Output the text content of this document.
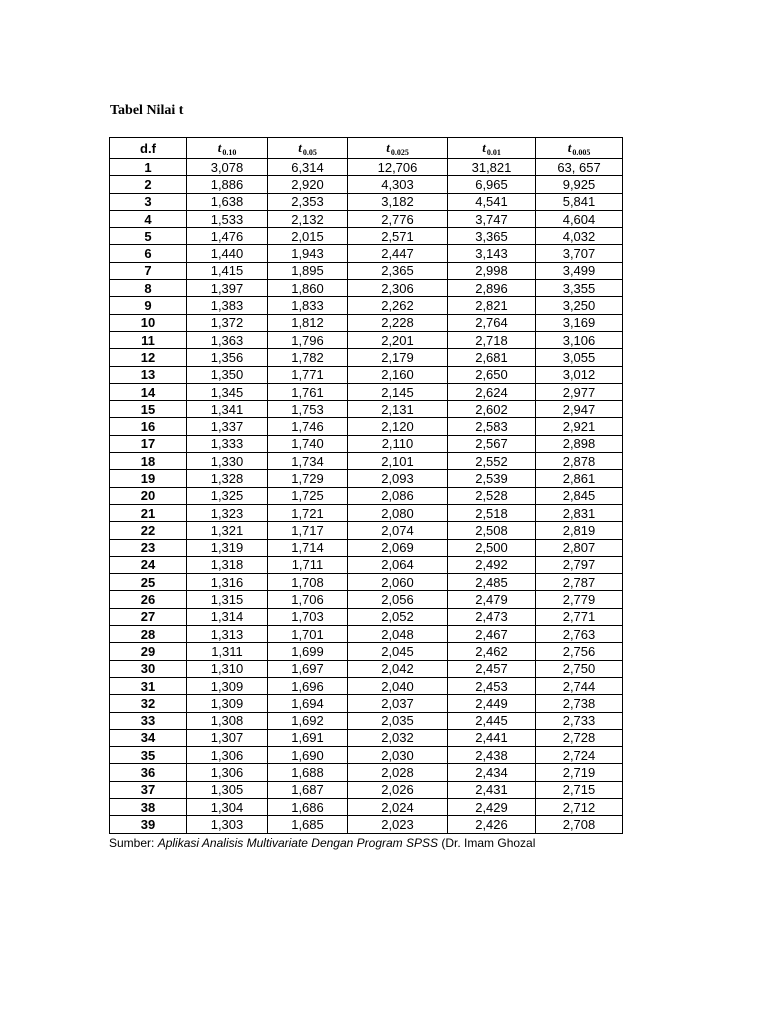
Tabel Nilai t
d.f	$t_{0.10}$	$t_{0.05}$	$t_{0.025}$	$t_{0.01}$	$t_{0.005}$
1	3,078	6,314	12,706	31,821	63, 657
2	1,886	2,920	4,303	6,965	9,925
3	1,638	2,353	3,182	4,541	5,841
4	1,533	2,132	2,776	3,747	4,604
5	1,476	2,015	2,571	3,365	4,032
6	1,440	1,943	2,447	3,143	3,707
7	1,415	1,895	2,365	2,998	3,499
8	1,397	1,860	2,306	2,896	3,355
9	1,383	1,833	2,262	2,821	3,250
10	1,372	1,812	2,228	2,764	3,169
11	1,363	1,796	2,201	2,718	3,106
12	1,356	1,782	2,179	2,681	3,055
13	1,350	1,771	2,160	2,650	3,012
14	1,345	1,761	2,145	2,624	2,977
15	1,341	1,753	2,131	2,602	2,947
16	1,337	1,746	2,120	2,583	2,921
17	1,333	1,740	2,110	2,567	2,898
18	1,330	1,734	2,101	2,552	2,878
19	1,328	1,729	2,093	2,539	2,861
20	1,325	1,725	2,086	2,528	2,845
21	1,323	1,721	2,080	2,518	2,831
22	1,321	1,717	2,074	2,508	2,819
23	1,319	1,714	2,069	2,500	2,807
24	1,318	1,711	2,064	2,492	2,797
25	1,316	1,708	2,060	2,485	2,787
26	1,315	1,706	2,056	2,479	2,779
27	1,314	1,703	2,052	2,473	2,771
28	1,313	1,701	2,048	2,467	2,763
29	1,311	1,699	2,045	2,462	2,756
30	1,310	1,697	2,042	2,457	2,750
31	1,309	1,696	2,040	2,453	2,744
32	1,309	1,694	2,037	2,449	2,738
33	1,308	1,692	2,035	2,445	2,733
34	1,307	1,691	2,032	2,441	2,728
35	1,306	1,690	2,030	2,438	2,724
36	1,306	1,688	2,028	2,434	2,719
37	1,305	1,687	2,026	2,431	2,715
38	1,304	1,686	2,024	2,429	2,712
39	1,303	1,685	2,023	2,426	2,708
Sumber: Aplikasi Analisis Multivariate Dengan Program SPSS (Dr. Imam Ghozal
